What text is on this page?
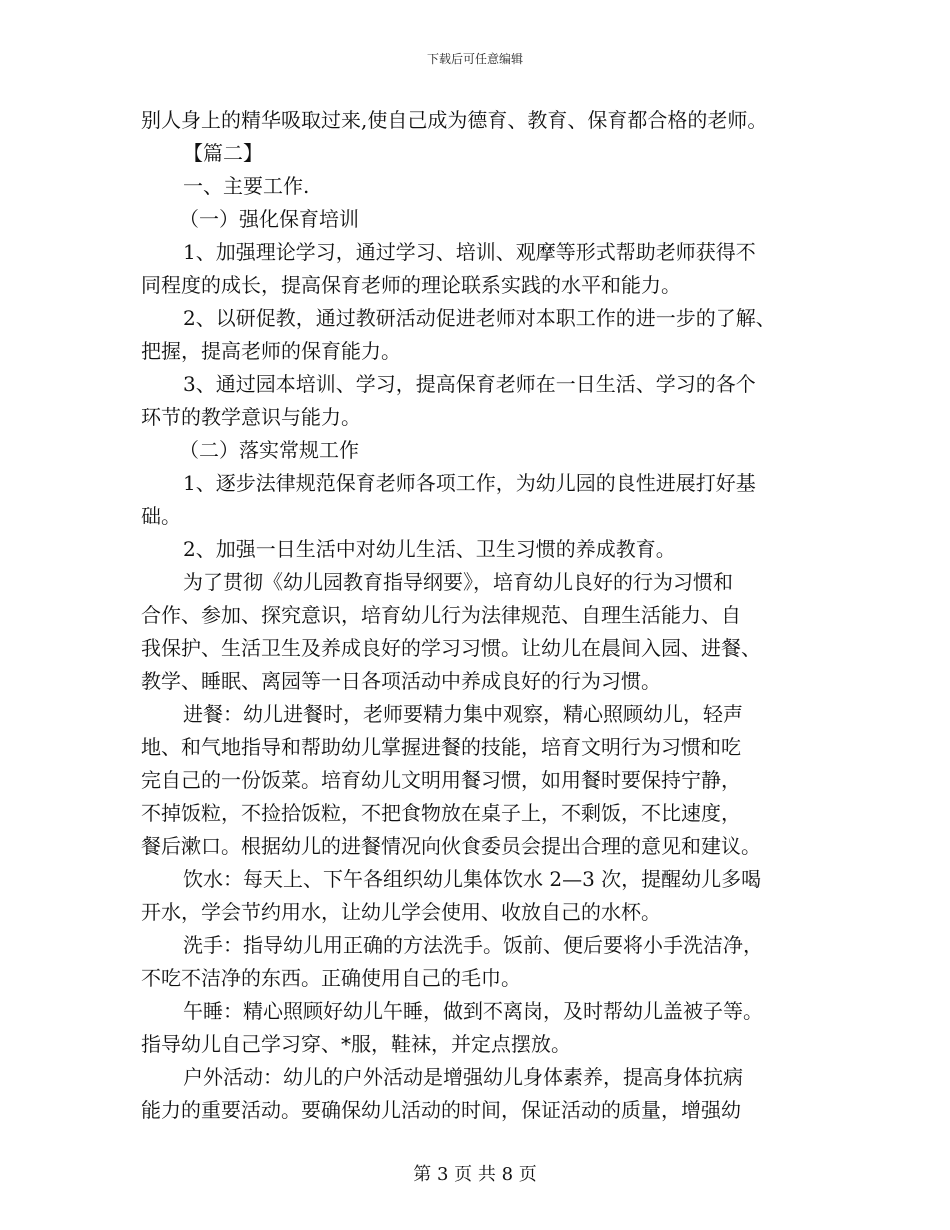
下载后可任意编辑
别人身上的精华吸取过来,使自己成为德育、教育、保育都合格的老师。
【篇二】
一、主要工作.
（一）强化保育培训
1、加强理论学习，通过学习、培训、观摩等形式帮助老师获得不
同程度的成长，提高保育老师的理论联系实践的水平和能力。
2、以研促教，通过教研活动促进老师对本职工作的进一步的了解、
把握，提高老师的保育能力。
3、通过园本培训、学习，提高保育老师在一日生活、学习的各个
环节的教学意识与能力。
（二）落实常规工作
1、逐步法律规范保育老师各项工作，为幼儿园的良性进展打好基
础。
2、加强一日生活中对幼儿生活、卫生习惯的养成教育。
为了贯彻《幼儿园教育指导纲要》，培育幼儿良好的行为习惯和
合作、参加、探究意识，培育幼儿行为法律规范、自理生活能力、自
我保护、生活卫生及养成良好的学习习惯。让幼儿在晨间入园、进餐、
教学、睡眠、离园等一日各项活动中养成良好的行为习惯。
进餐：幼儿进餐时，老师要精力集中观察，精心照顾幼儿，轻声
地、和气地指导和帮助幼儿掌握进餐的技能，培育文明行为习惯和吃
完自己的一份饭菜。培育幼儿文明用餐习惯，如用餐时要保持宁静，
不掉饭粒，不捡拾饭粒，不把食物放在桌子上，不剩饭，不比速度，
餐后漱口。根据幼儿的进餐情况向伙食委员会提出合理的意见和建议。
饮水：每天上、下午各组织幼儿集体饮水 2—3 次，提醒幼儿多喝
开水，学会节约用水，让幼儿学会使用、收放自己的水杯。
洗手：指导幼儿用正确的方法洗手。饭前、便后要将小手洗洁净，
不吃不洁净的东西。正确使用自己的毛巾。
午睡：精心照顾好幼儿午睡，做到不离岗，及时帮幼儿盖被子等。
指导幼儿自己学习穿、*服，鞋袜，并定点摆放。
户外活动：幼儿的户外活动是增强幼儿身体素养，提高身体抗病
能力的重要活动。要确保幼儿活动的时间，保证活动的质量，增强幼
第 3 页 共 8 页
